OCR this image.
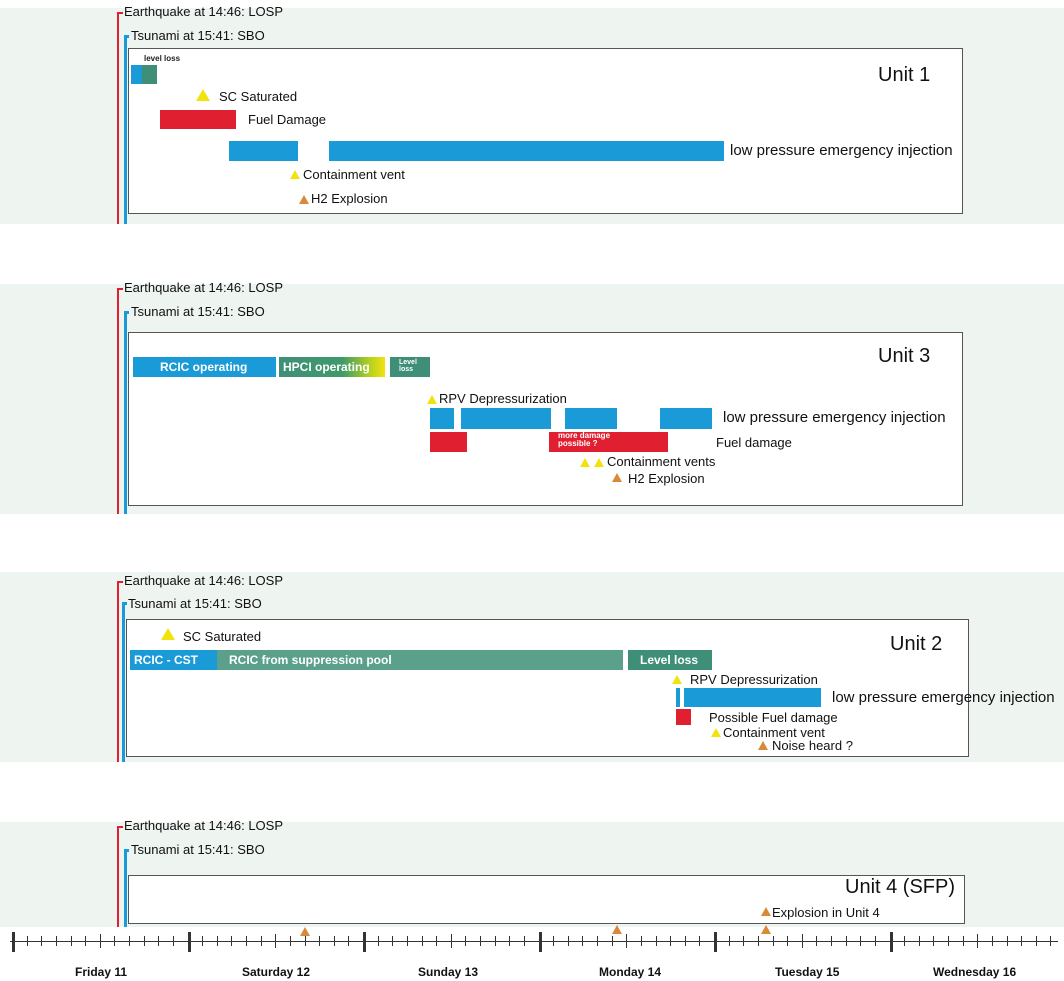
Earthquake at 14:46: LOSP
Tsunami at 15:41: SBO
Unit 1
level loss
SC Saturated
Fuel Damage
low pressure emergency injection
Containment vent
H2 Explosion
Earthquake at 14:46: LOSP
Tsunami at 15:41: SBO
Unit 3
RCIC operating	HPCI operating	Level loss
RPV Depressurization
low pressure emergency injection
more damage possible ?	Fuel damage
Containment vents
H2 Explosion
Earthquake at 14:46: LOSP
Tsunami at 15:41: SBO
Unit 2
SC Saturated
RCIC - CST	RCIC from suppression pool	Level loss
RPV Depressurization
low pressure emergency injection
Possible Fuel damage
Containment vent
Noise heard ?
Earthquake at 14:46: LOSP
Tsunami at 15:41: SBO
Unit 4 (SFP)
Explosion in Unit 4
Friday 11	Saturday 12	Sunday 13	Monday 14	Tuesday 15	Wednesday 16
